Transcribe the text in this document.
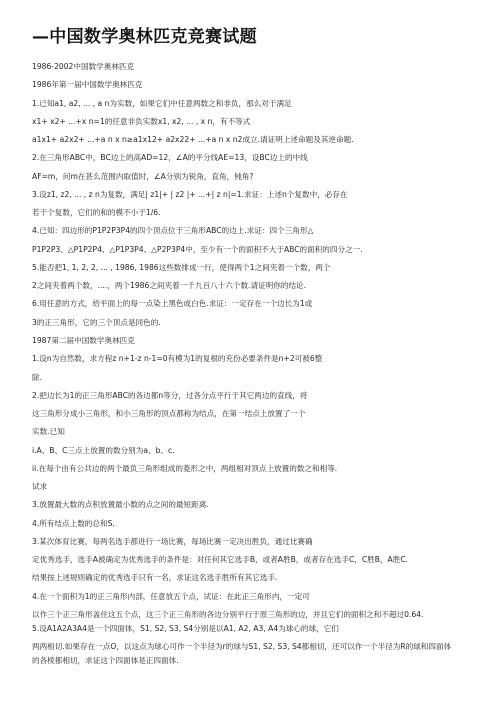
—中国数学奥林匹克竞赛试题
1986-2002中国数学奥林匹克
1986年第一届中国数学奥林匹克
1.已知a1, a2, ... , a n为实数，如果它们中任意两数之和非负，那么对于满足
x1+ x2+ ...+x n=1的任意非负实数x1, x2, ... , x n，有不等式
a1x1+ a2x2+ ...+a n x n≥a1x12+ a2x22+ ...+a n x n2成立.请证明上述命题及其逆命题.
2.在三角形ABC中，BC边上的高AD=12，∠A的平分线AE=13，设BC边上的中线
AF=m，问m在甚么范围内取值时，∠A分别为锐角，直角，钝角?
3.设z1, z2, ... , z n为复数，满足| z1|+ | z2 |+ ...+| z n|=1.求证：上述n个复数中，必存在
若干个复数，它们的和的模不小于1/6.
4.已知：四边形的P1P2P3P4的四个顶点位于三角形ABC的边上.求证：四个三角形△
P1P2P3、△P1P2P4、△P1P3P4、△P2P3P4中，至少有一个的面积不大于ABC的面积的四分之一.
5.能否把1, 1, 2, 2, ... , 1986, 1986这些数排成一行，使得两个1之间夹着一个数，两个
2之间夹着两个数，....，两个1986之间夹着一千九百八十六个数.请证明你的结论.
6.用任意的方式，给平面上的每一点染上黑色或白色.求证：一定存在一个边长为1或
3的正三角形，它的三个顶点是同色的.
1987第二届中国数学奥林匹克
1.设n为自然数，求方程z n+1-z n-1=0有模为1的复根的充份必要条件是n+2可被6整
除.
2.把边长为1的正三角形ABC的各边都n等分，过各分点平行于其它两边的直线，将
这三角形分成小三角形，和小三角形的顶点都称为结点，在第一结点上放置了一个
实数.已知
i.A、B、C三点上放置的数分别为a、b、c.
ii.在每个由有公共边的两个最负三角形组成的菱形之中，两组相对顶点上放置的数之和相等.
试求
3.放置最大数的点积放置最小数的点之间的最短距离.
4.所有结点上数的总和S.
3.某次体育比赛，每两名选手都进行一场比赛，每场比赛一定决出胜负，通过比赛确
定优秀选手，选手A被确定为优秀选手的条件是：对任何其它选手B，或者A胜B，或者存在选手C，C胜B，A胜C.
结果按上述规则确定的优秀选手只有一名，求证这名选手胜所有其它选手.
4.在一个面积为1的正三角形内部，任意放五个点，试证：在此正三角形内，一定可
以作三个正三角形盖住这五个点，这三个正三角形的各边分别平行于原三角形的边，并且它们的面积之和不超过0.64.
5.设A1A2A3A4是一个四面体，S1, S2, S3, S4分别是以A1, A2, A3, A4为球心的球，它们
两两相切.如果存在一点O，以这点为球心可作一个半径为r的球与S1, S2, S3, S4都相切，还可以作一个半径为R的球和四面体
的各棱都相切，求证这个四面体是正四面体.
